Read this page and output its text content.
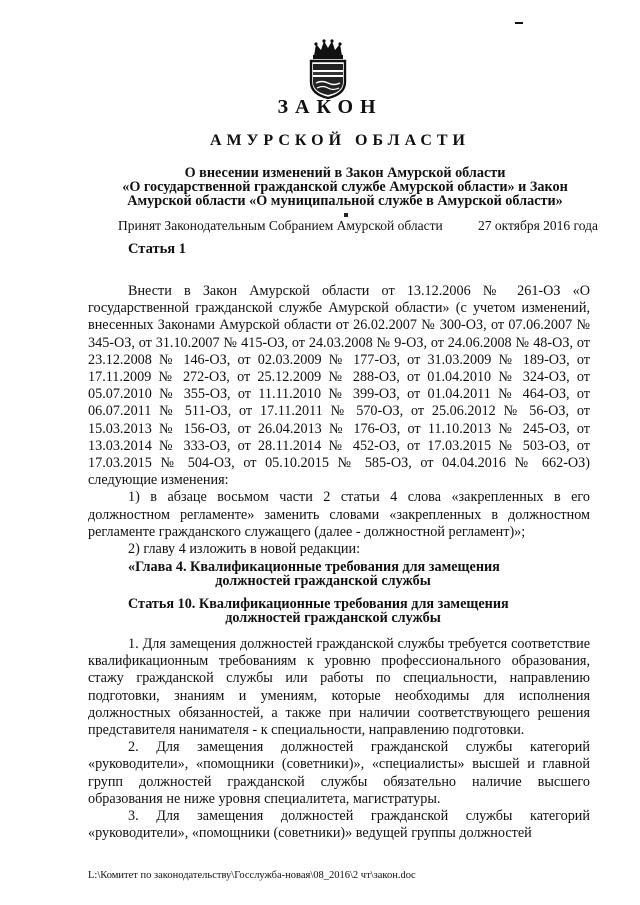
ЗАКОН
АМУРСКОЙ ОБЛАСТИ
О внесении изменений в Закон Амурской области
«О государственной гражданской службе Амурской области» и Закон
Амурской области «О муниципальной службе в Амурской области»
Принят Законодательным Собранием Амурской области	27 октября 2016 года
Статья 1

Внести в Закон Амурской области от 13.12.2006 № 261-ОЗ «О государственной гражданской службе Амурской области» (с учетом изменений, внесенных Законами Амурской области от 26.02.2007 № 300-ОЗ, от 07.06.2007 № 345-ОЗ, от 31.10.2007 № 415-ОЗ, от 24.03.2008 № 9-ОЗ, от 24.06.2008 № 48-ОЗ, от 23.12.2008 № 146-ОЗ, от 02.03.2009 № 177-ОЗ, от 31.03.2009 № 189-ОЗ, от 17.11.2009 № 272-ОЗ, от 25.12.2009 № 288-ОЗ, от 01.04.2010 № 324-ОЗ, от 05.07.2010 № 355-ОЗ, от 11.11.2010 № 399-ОЗ, от 01.04.2011 № 464-ОЗ, от 06.07.2011 № 511-ОЗ, от 17.11.2011 № 570-ОЗ, от 25.06.2012 № 56-ОЗ, от 15.03.2013 № 156-ОЗ, от 26.04.2013 № 176-ОЗ, от 11.10.2013 № 245-ОЗ, от 13.03.2014 № 333-ОЗ, от 28.11.2014 № 452-ОЗ, от 17.03.2015 № 503-ОЗ, от 17.03.2015 № 504-ОЗ, от 05.10.2015 № 585-ОЗ, от 04.04.2016 № 662-ОЗ) следующие изменения:

1) в абзаце восьмом части 2 статьи 4 слова «закрепленных в его должностном регламенте» заменить словами «закрепленных в должностном регламенте гражданского служащего (далее - должностной регламент)»;

2) главу 4 изложить в новой редакции:

«Глава 4. Квалификационные требования для замещения
должностей гражданской службы
Статья 10. Квалификационные требования для замещения
должностей гражданской службы

1. Для замещения должностей гражданской службы требуется соответствие квалификационным требованиям к уровню профессионального образования, стажу гражданской службы или работы по специальности, направлению подготовки, знаниям и умениям, которые необходимы для исполнения должностных обязанностей, а также при наличии соответствующего решения представителя нанимателя - к специальности, направлению подготовки.

2. Для замещения должностей гражданской службы категорий «руководители», «помощники (советники)», «специалисты» высшей и главной групп должностей гражданской службы обязательно наличие высшего образования не ниже уровня специалитета, магистратуры.

3. Для замещения должностей гражданской службы категорий «руководители», «помощники (советники)» ведущей группы должностей

L:\Комитет по законодательству\Госслужба-новая\08_2016\2 чт\закон.doc
